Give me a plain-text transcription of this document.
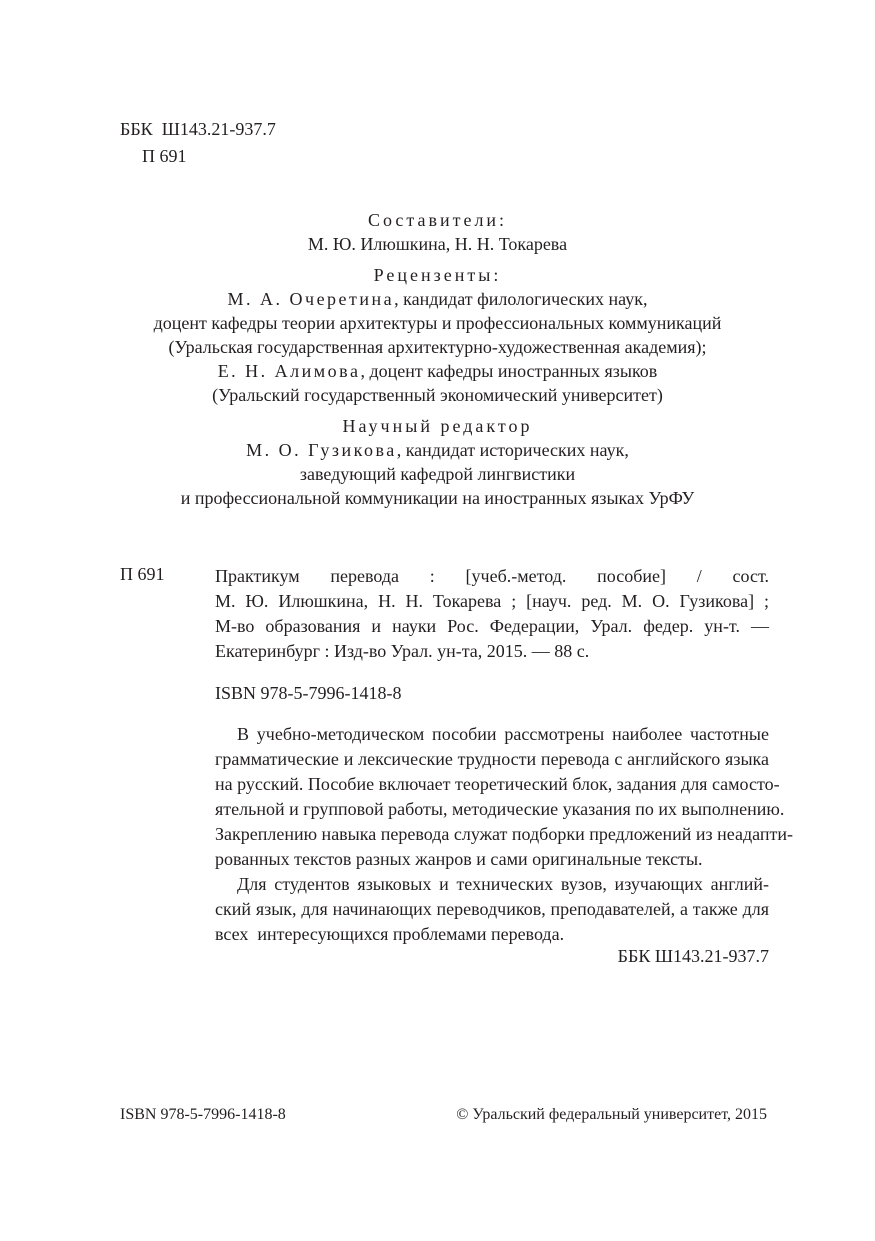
ББК Ш143.21-937.7
П 691
Составители:
М. Ю. Илюшкина, Н. Н. Токарева
Рецензенты:
М. А. Очеретина, кандидат филологических наук,
доцент кафедры теории архитектуры и профессиональных коммуникаций
(Уральская государственная архитектурно-художественная академия);
Е. Н. Алимова, доцент кафедры иностранных языков
(Уральский государственный экономический университет)
Научный редактор
М. О. Гузикова, кандидат исторических наук,
заведующий кафедрой лингвистики
и профессиональной коммуникации на иностранных языках УрФУ
П 691	Практикум перевода : [учеб.-метод. пособие] / сост.
М. Ю. Илюшкина, Н. Н. Токарева ; [науч. ред. М. О. Гузикова] ;
М-во образования и науки Рос. Федерации, Урал. федер. ун-т. —
Екатеринбург : Изд-во Урал. ун-та, 2015. — 88 с.
ISBN 978-5-7996-1418-8
В учебно-методическом пособии рассмотрены наиболее частотные
грамматические и лексические трудности перевода с английского языка
на русский. Пособие включает теоретический блок, задания для самосто-
ятельной и групповой работы, методические указания по их выполнению.
Закреплению навыка перевода служат подборки предложений из неадапти-
рованных текстов разных жанров и сами оригинальные тексты.
Для студентов языковых и технических вузов, изучающих англий-
ский язык, для начинающих переводчиков, преподавателей, а также для
всех  интересующихся проблемами перевода.
ББК Ш143.21-937.7
ISBN 978-5-7996-1418-8	© Уральский федеральный университет, 2015
